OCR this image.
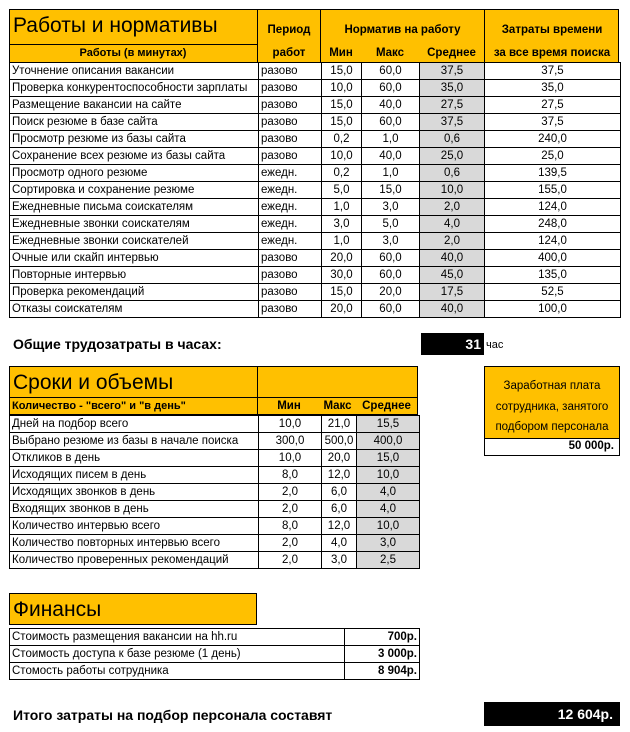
Работы и нормативы
Работы (в минутах)
Период
работ
Норматив на работу
Мин	Макс	Среднее
Затраты времени
за все время поиска
Уточнение описания вакансии	разово	15,0	60,0	37,5	37,5
Проверка конкурентоспособности зарплаты	разово	10,0	60,0	35,0	35,0
Размещение вакансии на сайте	разово	15,0	40,0	27,5	27,5
Поиск резюме в базе сайта	разово	15,0	60,0	37,5	37,5
Просмотр резюме из базы сайта	разово	0,2	1,0	0,6	240,0
Сохранение всех резюме из базы сайта	разово	10,0	40,0	25,0	25,0
Просмотр одного резюме	ежедн.	0,2	1,0	0,6	139,5
Сортировка и сохранение резюме	ежедн.	5,0	15,0	10,0	155,0
Ежедневные письма соискателям	ежедн.	1,0	3,0	2,0	124,0
Ежедневные звонки соискателям	ежедн.	3,0	5,0	4,0	248,0
Ежедневные звонки соискателей	ежедн.	1,0	3,0	2,0	124,0
Очные или скайп интервью	разово	20,0	60,0	40,0	400,0
Повторные интервью	разово	30,0	60,0	45,0	135,0
Проверка рекомендаций	разово	15,0	20,0	17,5	52,5
Отказы соискателям	разово	20,0	60,0	40,0	100,0
Общие трудозатраты в часах:	31 час
Сроки и объемы
Количество - "всего" и "в день"	Мин	Макс Среднее
Дней на подбор всего	10,0	21,0	15,5
Выбрано резюме из базы в начале поиска	300,0	500,0	400,0
Откликов в день	10,0	20,0	15,0
Исходящих писем в день	8,0	12,0	10,0
Исходящих звонков в день	2,0	6,0	4,0
Входящих звонков в день	2,0	6,0	4,0
Количество интервью всего	8,0	12,0	10,0
Количество повторных интервью всего	2,0	4,0	3,0
Количество проверенных рекомендаций	2,0	3,0	2,5
Заработная плата
сотрудника, занятого
подбором персонала
50 000р.
Финансы
Стоимость размещения вакансии на hh.ru	700р.
Стоимость доступа к базе резюме (1 день)	3 000р.
Стомость работы сотрудника	8 904р.
Итого затраты на подбор персонала составят	12 604р.
